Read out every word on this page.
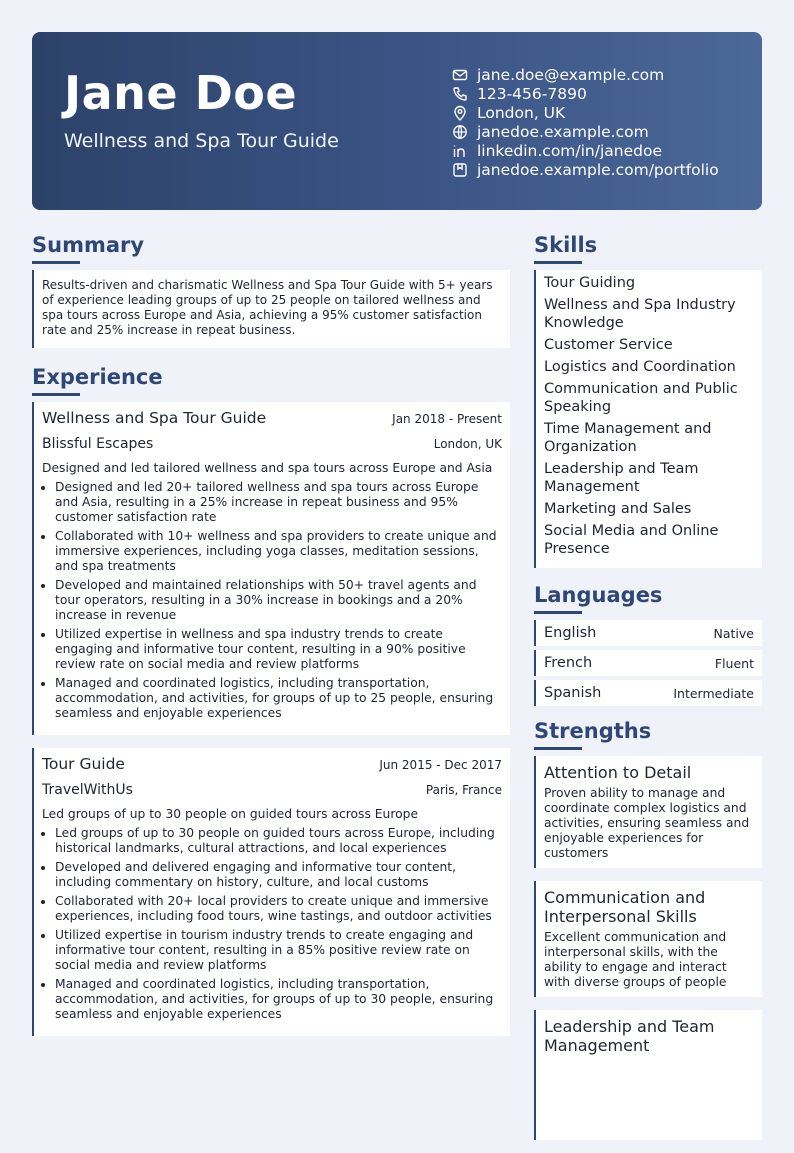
Jane Doe
Wellness and Spa Tour Guide
jane.doe@example.com
123-456-7890
London, UK
janedoe.example.com
linkedin.com/in/janedoe
janedoe.example.com/portfolio
Summary
Results-driven and charismatic Wellness and Spa Tour Guide with 5+ years of experience leading groups of up to 25 people on tailored wellness and spa tours across Europe and Asia, achieving a 95% customer satisfaction rate and 25% increase in repeat business.
Experience
Wellness and Spa Tour Guide	Jan 2018 - Present
Blissful Escapes	London, UK
Designed and led tailored wellness and spa tours across Europe and Asia
• Designed and led 20+ tailored wellness and spa tours across Europe and Asia, resulting in a 25% increase in repeat business and 95% customer satisfaction rate
• Collaborated with 10+ wellness and spa providers to create unique and immersive experiences, including yoga classes, meditation sessions, and spa treatments
• Developed and maintained relationships with 50+ travel agents and tour operators, resulting in a 30% increase in bookings and a 20% increase in revenue
• Utilized expertise in wellness and spa industry trends to create engaging and informative tour content, resulting in a 90% positive review rate on social media and review platforms
• Managed and coordinated logistics, including transportation, accommodation, and activities, for groups of up to 25 people, ensuring seamless and enjoyable experiences
Tour Guide	Jun 2015 - Dec 2017
TravelWithUs	Paris, France
Led groups of up to 30 people on guided tours across Europe
• Led groups of up to 30 people on guided tours across Europe, including historical landmarks, cultural attractions, and local experiences
• Developed and delivered engaging and informative tour content, including commentary on history, culture, and local customs
• Collaborated with 20+ local providers to create unique and immersive experiences, including food tours, wine tastings, and outdoor activities
• Utilized expertise in tourism industry trends to create engaging and informative tour content, resulting in a 85% positive review rate on social media and review platforms
• Managed and coordinated logistics, including transportation, accommodation, and activities, for groups of up to 30 people, ensuring seamless and enjoyable experiences
Skills
Tour Guiding
Wellness and Spa Industry Knowledge
Customer Service
Logistics and Coordination
Communication and Public Speaking
Time Management and Organization
Leadership and Team Management
Marketing and Sales
Social Media and Online Presence
Languages
English	Native
French	Fluent
Spanish	Intermediate
Strengths
Attention to Detail
Proven ability to manage and coordinate complex logistics and activities, ensuring seamless and enjoyable experiences for customers
Communication and Interpersonal Skills
Excellent communication and interpersonal skills, with the ability to engage and interact with diverse groups of people
Leadership and Team Management
